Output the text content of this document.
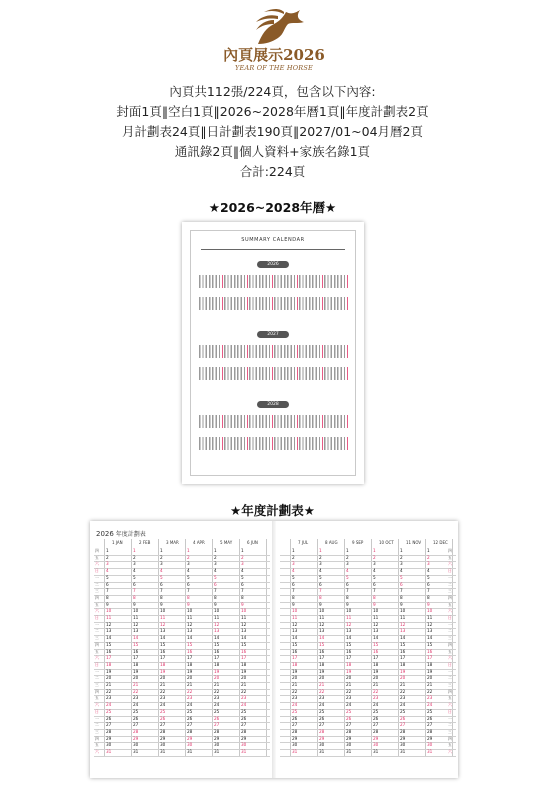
內頁展示2026
YEAR OF THE HORSE
內頁共112張/224頁，包含以下內容:
封面1頁‖空白1頁‖2026~2028年曆1頁‖年度計劃表2頁
月計劃表24頁‖日計劃表190頁‖2027/01~04月曆2頁
通訊錄2頁‖個人資料+家族名錄1頁
合計:224頁
★2026~2028年曆★
SUMMARY CALENDAR
2026
2027
2028
★年度計劃表★
2026 年度計劃表
1 JAN	2 FEB	3 MAR	4 APR	5 MAY	6 JUN
四 1	1	1	1	1	1
五 2	2	2	2	2	2
六 3	3	3	3	3	3
日 4	4	4	4	4	4
一 5	5	5	5	5	5
二 6	6	6	6	6	6
三 7	7	7	7	7	7
四 8	8	8	8	8	8
五 9	9	9	9	9	9
六 10	10	10	10	10	10
日 11	11	11	11	11	11
一 12	12	12	12	12	12
二 13	13	13	13	13	13
三 14	14	14	14	14	14
四 15	15	15	15	15	15
五 16	16	16	16	16	16
六 17	17	17	17	17	17
日 18	18	18	18	18	18
一 19	19	19	19	19	19
二 20	20	20	20	20	20
三 21	21	21	21	21	21
四 22	22	22	22	22	22
五 23	23	23	23	23	23
六 24	24	24	24	24	24
日 25	25	25	25	25	25
一 26	26	26	26	26	26
二 27	27	27	27	27	27
三 28	28	28	28	28	28
四 29	29	29	29	29	29
五 30	30	30	30	30	30
六 31	31	31	31	31	31
7 JUL	8 AUG	9 SEP	10 OCT	11 NOV	12 DEC
四
1	1	1	1	1	1
五
2	2	2	2	2	2
六
3	3	3	3	3	3
日
4	4	4	4	4	4
一
5	5	5	5	5	5
二
6	6	6	6	6	6
三
7	7	7	7	7	7
四
8	8	8	8	8	8
五
9	9	9	9	9	9
六
10	10	10	10	10	10
日
11	11	11	11	11	11
一
12	12	12	12	12	12
二
13	13	13	13	13	13
三
14	14	14	14	14	14
四
15	15	15	15	15	15
五
16	16	16	16	16	16
六
17	17	17	17	17	17
日
18	18	18	18	18	18
一
19	19	19	19	19	19
二
20	20	20	20	20	20
三
21	21	21	21	21	21
四
22	22	22	22	22	22
五
23	23	23	23	23	23
六
24	24	24	24	24	24
日
25	25	25	25	25	25
一
26	26	26	26	26	26
二
27	27	27	27	27	27
三
28	28	28	28	28	28
四
29	29	29	29	29	29
五
30	30	30	30	30	30
六
31	31	31	31	31	31
